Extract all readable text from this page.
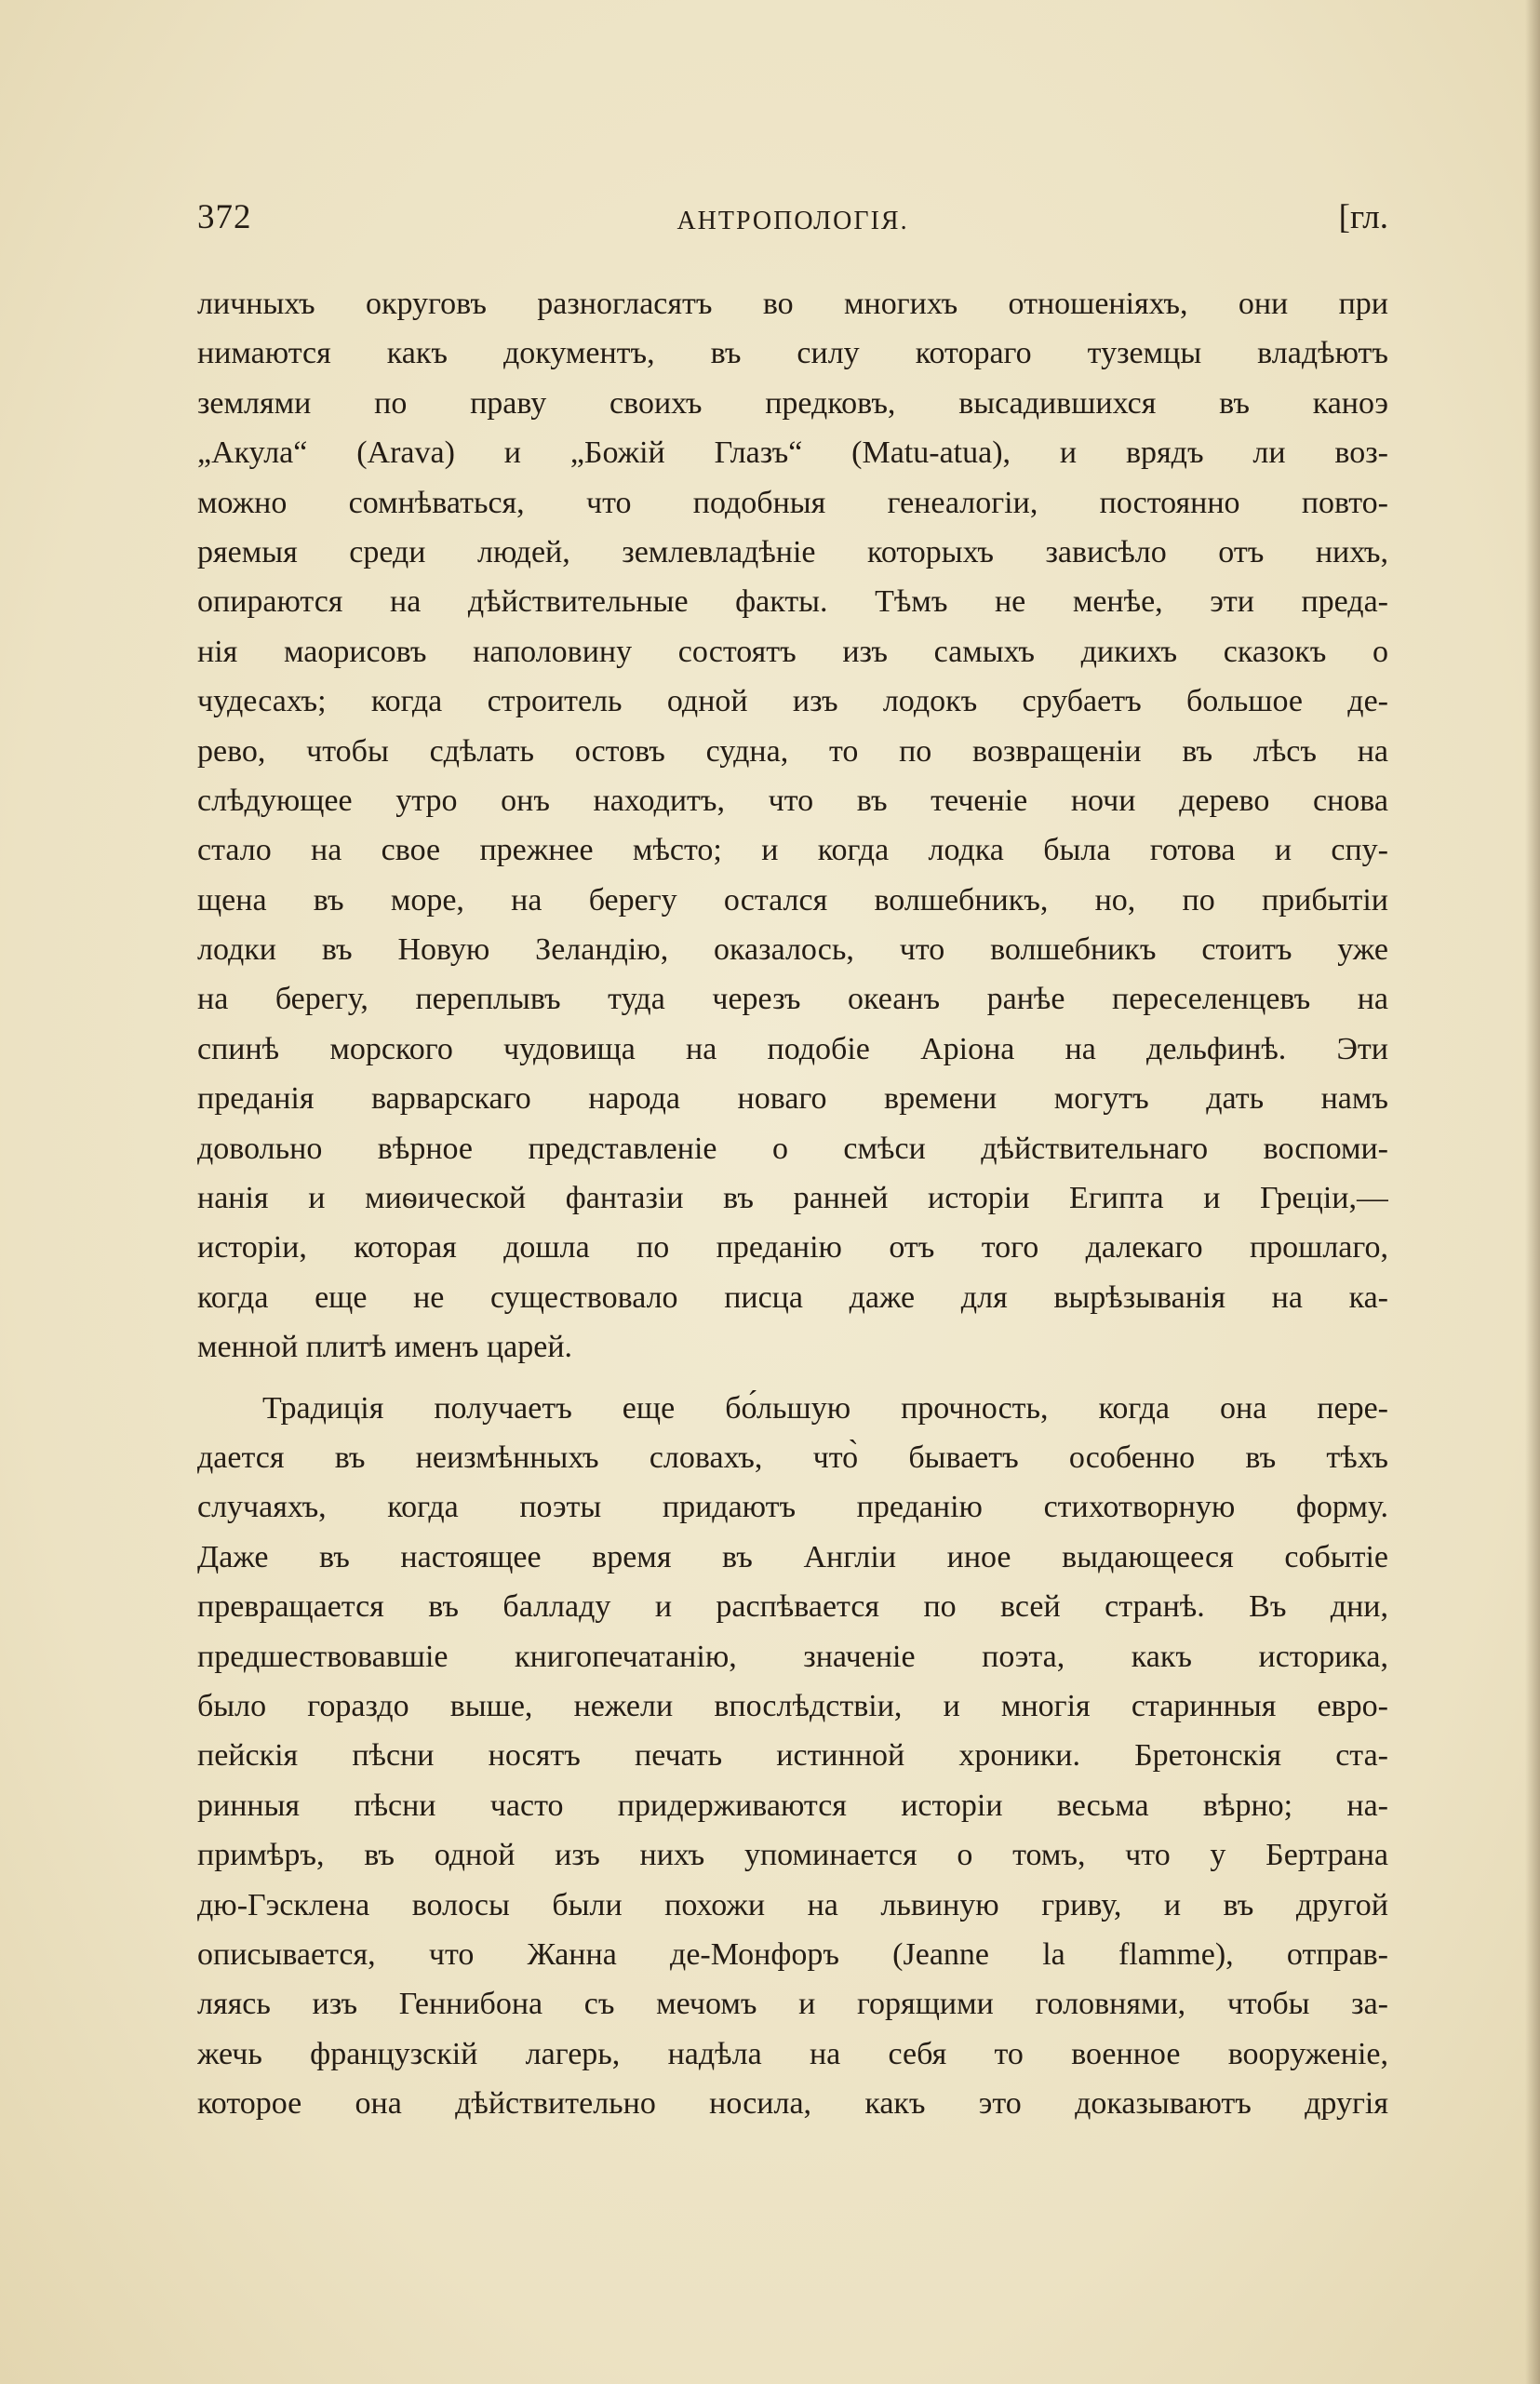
372	АНТРОПОЛОГІЯ.	[гл.
личныхъ округовъ разногласятъ во многихъ отношеніяхъ, они при
нимаются какъ документъ, въ силу котораго туземцы владѣютъ
землями по праву своихъ предковъ, высадившихся въ каноэ
„Акула“ (Arava) и „Божій Глазъ“ (Matu-atua), и врядъ ли воз-
можно сомнѣваться, что подобныя генеалогіи, постоянно повто-
ряемыя среди людей, землевладѣніе которыхъ зависѣло отъ нихъ,
опираются на дѣйствительные факты. Тѣмъ не менѣе, эти преда-
нія маорисовъ наполовину состоятъ изъ самыхъ дикихъ сказокъ о
чудесахъ; когда строитель одной изъ лодокъ срубаетъ большое де-
рево, чтобы сдѣлать остовъ судна, то по возвращеніи въ лѣсъ на
слѣдующее утро онъ находитъ, что въ теченіе ночи дерево снова
стало на свое прежнее мѣсто; и когда лодка была готова и спу-
щена въ море, на берегу остался волшебникъ, но, по прибытіи
лодки въ Новую Зеландію, оказалось, что волшебникъ стоитъ уже
на берегу, переплывъ туда черезъ океанъ ранѣе переселенцевъ на
спинѣ морского чудовища на подобіе Аріона на дельфинѣ. Эти
преданія варварскаго народа новаго времени могутъ дать намъ
довольно вѣрное представленіе о смѣси дѣйствительнаго воспоми-
нанія и миѳической фантазіи въ ранней исторіи Египта и Греціи,—
исторіи, которая дошла по преданію отъ того далекаго прошлаго,
когда еще не существовало писца даже для вырѣзыванія на ка-
менной плитѣ именъ царей.
Традиція получаетъ еще бо́льшую прочность, когда она пере-
дается въ неизмѣнныхъ словахъ, что̀ бываетъ особенно въ тѣхъ
случаяхъ, когда поэты придаютъ преданію стихотворную форму.
Даже въ настоящее время въ Англіи иное выдающееся событіе
превращается въ балладу и распѣвается по всей странѣ. Въ дни,
предшествовавшіе книгопечатанію, значеніе поэта, какъ историка,
было гораздо выше, нежели впослѣдствіи, и многія старинныя евро-
пейскія пѣсни носятъ печать истинной хроники. Бретонскія ста-
ринныя пѣсни часто придерживаются исторіи весьма вѣрно; на-
примѣръ, въ одной изъ нихъ упоминается о томъ, что у Бертрана
дю-Гэсклена волосы были похожи на львиную гриву, и въ другой
описывается, что Жанна де-Монфоръ (Jeanne la flamme), отправ-
ляясь изъ Геннибона съ мечомъ и горящими головнями, чтобы за-
жечь французскій лагерь, надѣла на себя то военное вооруженіе,
которое она дѣйствительно носила, какъ это доказываютъ другія
